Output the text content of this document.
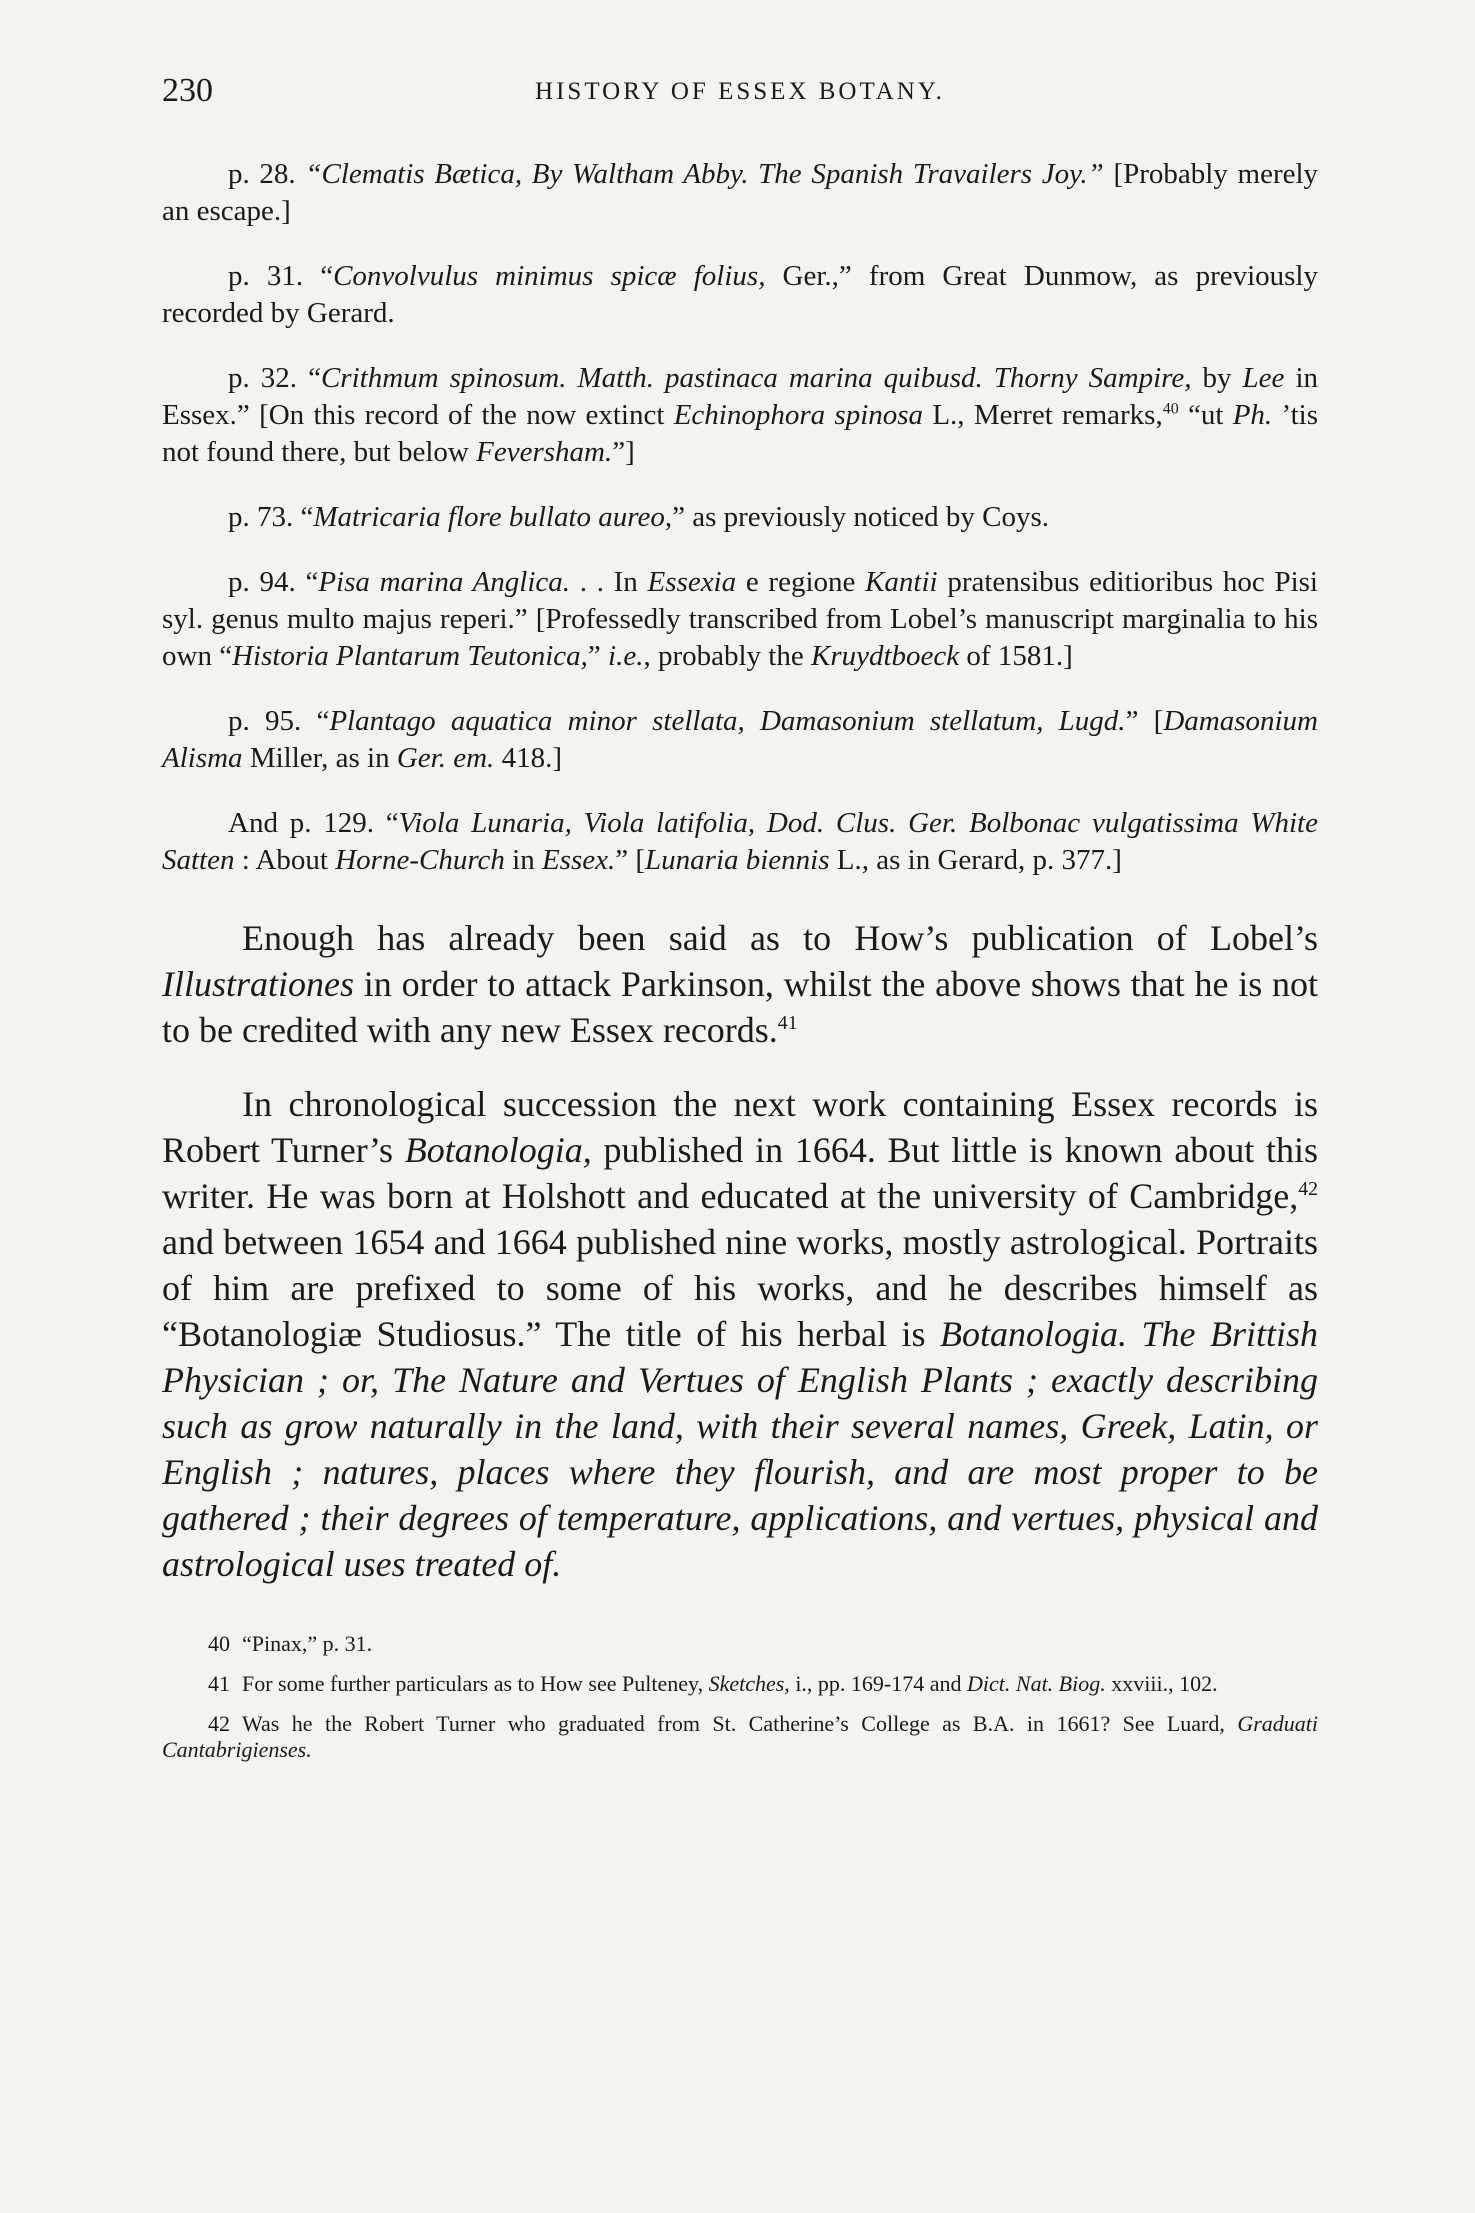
230	HISTORY OF ESSEX BOTANY.

p. 28. “Clematis Bætica, By Waltham Abby. The Spanish Travailers Joy.” [Probably merely an escape.]

p. 31. “Convolvulus minimus spicæ folius, Ger.,” from Great Dunmow, as previously recorded by Gerard.

p. 32. “Crithmum spinosum. Matth. pastinaca marina quibusd. Thorny Sampire, by Lee in Essex.” [On this record of the now extinct Echinophora spinosa L., Merret remarks,$^{40}$ “ut Ph. ’tis not found there, but below Feversham.”]

p. 73. “Matricaria flore bullato aureo,” as previously noticed by Coys.

p. 94. “Pisa marina Anglica. . . In Essexia e regione Kantii pratensibus editioribus hoc Pisi syl. genus multo majus reperi.” [Professedly transcribed from Lobel’s manuscript marginalia to his own “Historia Plantarum Teutonica,” i.e., probably the Kruydtboeck of 1581.]

p. 95. “Plantago aquatica minor stellata, Damasonium stellatum, Lugd.” [Damasonium Alisma Miller, as in Ger. em. 418.]

And p. 129. “Viola Lunaria, Viola latifolia, Dod. Clus. Ger. Bolbonac vulgatissima White Satten : About Horne-Church in Essex.” [Lunaria biennis L., as in Gerard, p. 377.]

Enough has already been said as to How’s publication of Lobel’s Illustrationes in order to attack Parkinson, whilst the above shows that he is not to be credited with any new Essex records.$^{41}$

In chronological succession the next work containing Essex records is Robert Turner’s Botanologia, published in 1664. But little is known about this writer. He was born at Holshott and educated at the university of Cambridge,$^{42}$ and between 1654 and 1664 published nine works, mostly astrological. Portraits of him are prefixed to some of his works, and he describes himself as “Botanologiæ Studiosus.” The title of his herbal is Botanologia. The Brittish Physician ; or, The Nature and Vertues of English Plants ; exactly describing such as grow naturally in the land, with their several names, Greek, Latin, or English ; natures, places where they flourish, and are most proper to be gathered ; their degrees of temperature, applications, and vertues, physical and astrological uses treated of.

40 “Pinax,” p. 31.

41 For some further particulars as to How see Pulteney, Sketches, i., pp. 169-174 and Dict. Nat. Biog. xxviii., 102.

42 Was he the Robert Turner who graduated from St. Catherine’s College as B.A. in 1661? See Luard, Graduati Cantabrigienses.
